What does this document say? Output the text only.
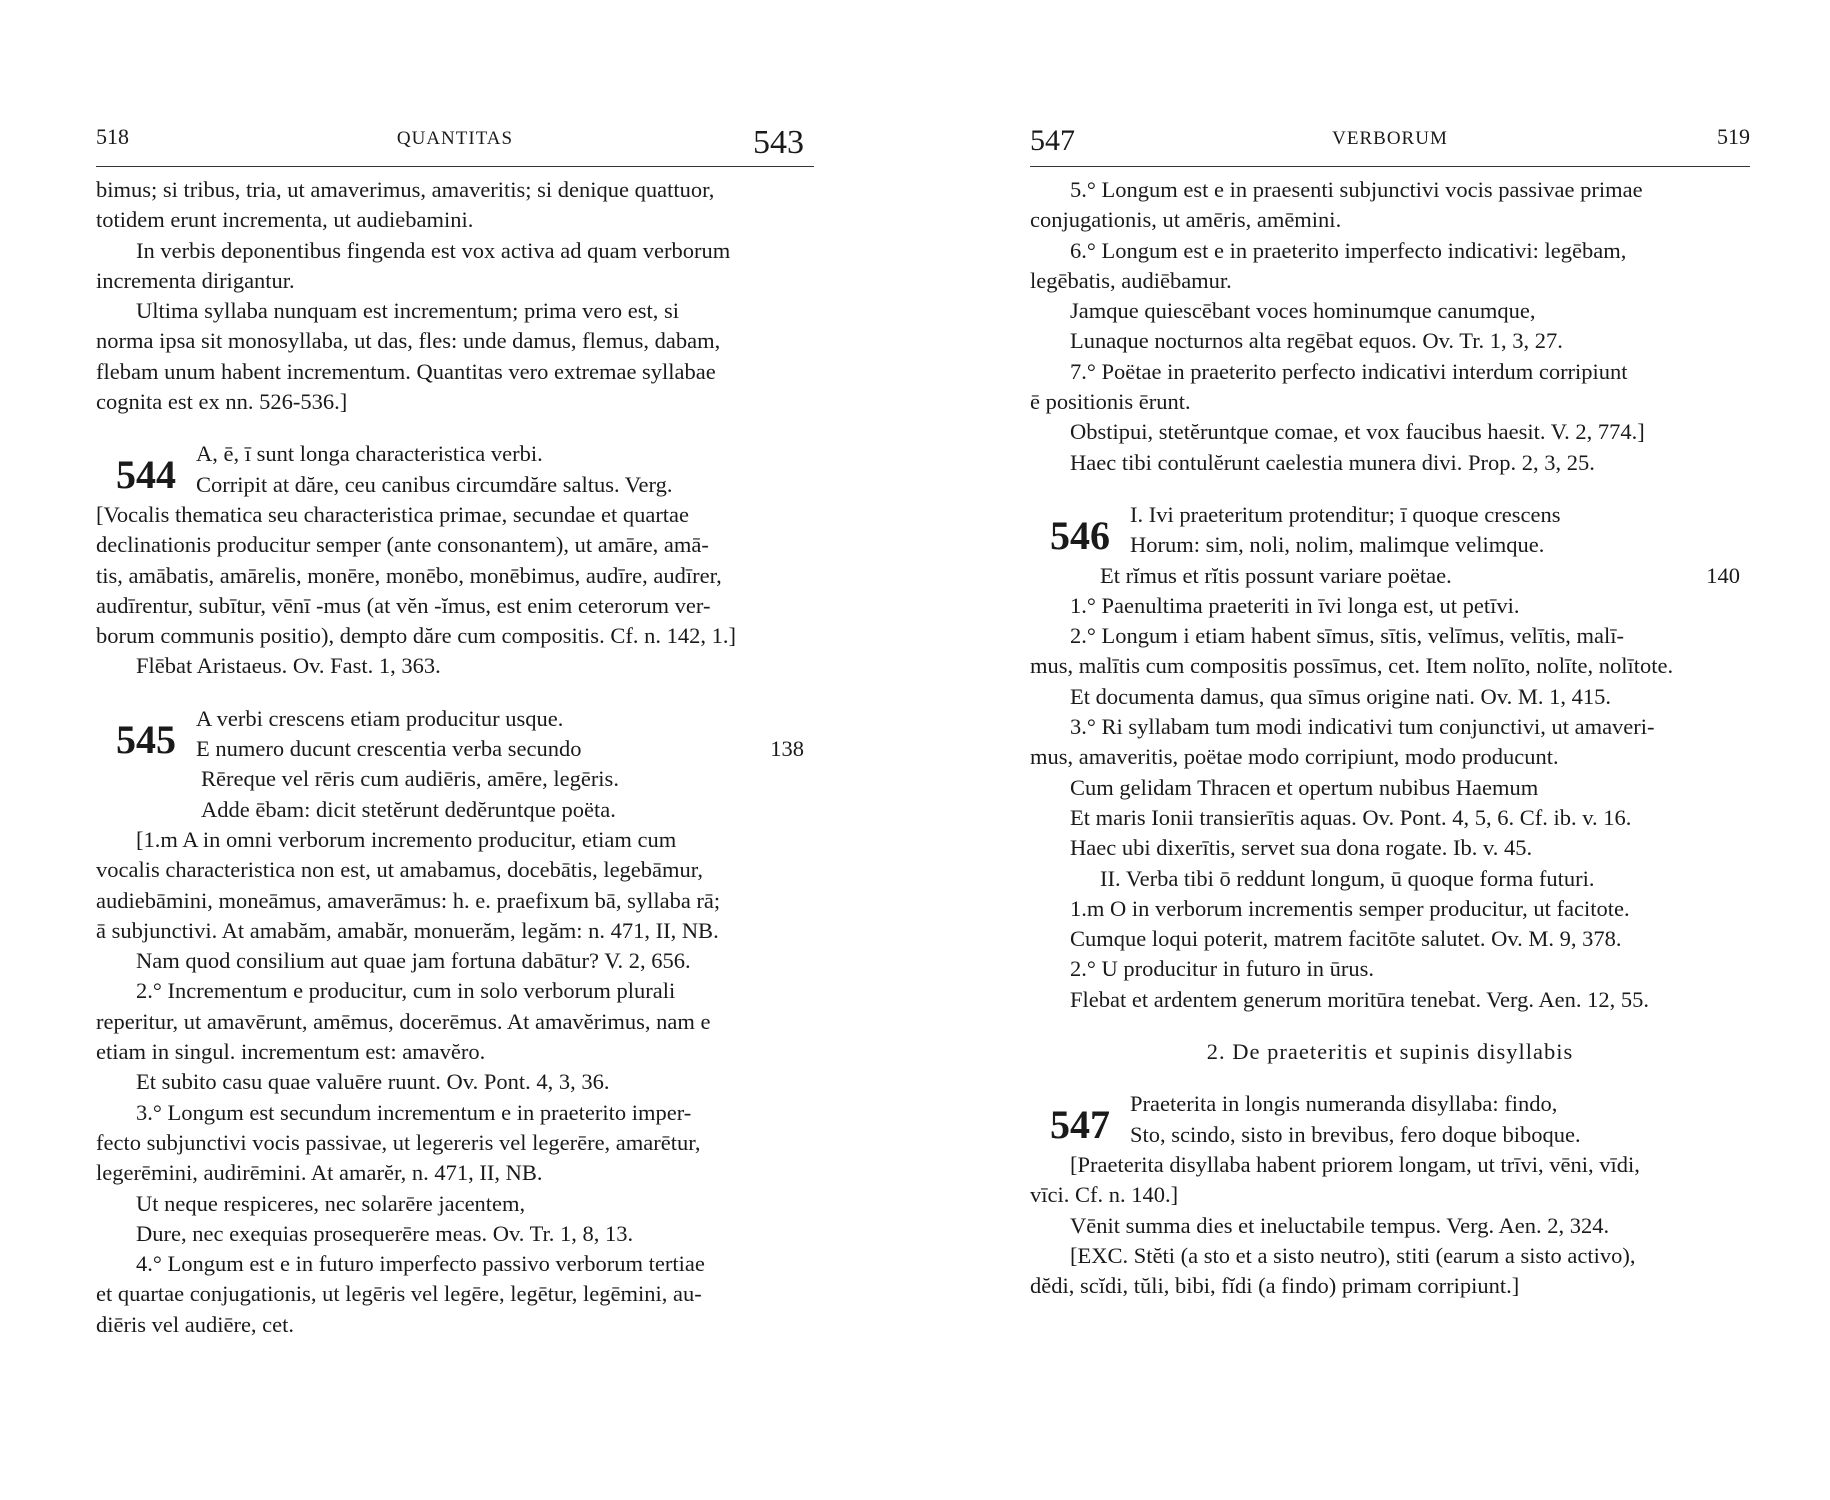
518	QUANTITAS	543
bimus; si tribus, tria, ut amaverimus, amaveritis; si denique quattuor,
totidem erunt incrementa, ut audiebamini.
In verbis deponentibus fingenda est vox activa ad quam verborum
incrementa dirigantur.
Ultima syllaba nunquam est incrementum; prima vero est, si
norma ipsa sit monosyllaba, ut das, fles: unde damus, flemus, dabam,
flebam unum habent incrementum. Quantitas vero extremae syllabae
cognita est ex nn. 526-536.]
544 A, ē, ī sunt longa characteristica verbi.
Corripit at dăre, ceu canibus circumdăre saltus. Verg.
[Vocalis thematica seu characteristica primae, secundae et quartae
declinationis producitur semper (ante consonantem), ut amāre, amā-
tis, amābatis, amārelis, monēre, monēbo, monēbimus, audīre, audīrer,
audīrentur, subītur, vēnī -mus (at vĕn -ĭmus, est enim ceterorum ver-
borum communis positio), dempto dăre cum compositis. Cf. n. 142, 1.]
Flēbat Aristaeus. Ov. Fast. 1, 363.
545 A verbi crescens etiam producitur usque.
E numero ducunt crescentia verba secundo	138
Rēreque vel rēris cum audiēris, amēre, legēris.
Adde ēbam: dicit stetĕrunt dedĕruntque poëta.
[1.m A in omni verborum incremento producitur, etiam cum
vocalis characteristica non est, ut amabamus, docebātis, legebāmur,
audiebāmini, moneāmus, amaverāmus: h. e. praefixum bā, syllaba rā;
ā subjunctivi. At amabăm, amabăr, monuerăm, legăm: n. 471, II, NB.
Nam quod consilium aut quae jam fortuna dabātur? V. 2, 656.
2.° Incrementum e producitur, cum in solo verborum plurali
reperitur, ut amavērunt, amēmus, docerēmus. At amavĕrimus, nam e
etiam in singul. incrementum est: amavĕro.
Et subito casu quae valuēre ruunt. Ov. Pont. 4, 3, 36.
3.° Longum est secundum incrementum e in praeterito imper-
fecto subjunctivi vocis passivae, ut legereris vel legerēre, amarētur,
legerēmini, audirēmini. At amarĕr, n. 471, II, NB.
Ut neque respiceres, nec solarēre jacentem,
Dure, nec exequias prosequerēre meas. Ov. Tr. 1, 8, 13.
4.° Longum est e in futuro imperfecto passivo verborum tertiae
et quartae conjugationis, ut legēris vel legēre, legētur, legēmini, au-
diēris vel audiēre, cet.
547	VERBORUM	519
5.° Longum est e in praesenti subjunctivi vocis passivae primae
conjugationis, ut amēris, amēmini.
6.° Longum est e in praeterito imperfecto indicativi: legēbam,
legēbatis, audiēbamur.
Jamque quiescēbant voces hominumque canumque,
Lunaque nocturnos alta regēbat equos. Ov. Tr. 1, 3, 27.
7.° Poëtae in praeterito perfecto indicativi interdum corripiunt
ē positionis ērunt.
Obstipui, stetĕruntque comae, et vox faucibus haesit. V. 2, 774.]
Haec tibi contulĕrunt caelestia munera divi. Prop. 2, 3, 25.
546 I. Ivi praeteritum protenditur; ī quoque crescens
Horum: sim, noli, nolim, malimque velimque.
Et rĭmus et rĭtis possunt variare poëtae.	140
1.° Paenultima praeteriti in īvi longa est, ut petīvi.
2.° Longum i etiam habent sīmus, sītis, velīmus, velītis, malī-
mus, malītis cum compositis possīmus, cet. Item nolīto, nolīte, nolītote.
Et documenta damus, qua sīmus origine nati. Ov. M. 1, 415.
3.° Ri syllabam tum modi indicativi tum conjunctivi, ut amaveri-
mus, amaveritis, poëtae modo corripiunt, modo producunt.
Cum gelidam Thracen et opertum nubibus Haemum
Et maris Ionii transierītis aquas. Ov. Pont. 4, 5, 6. Cf. ib. v. 16.
Haec ubi dixerītis, servet sua dona rogate. Ib. v. 45.
II. Verba tibi ō reddunt longum, ū quoque forma futuri.
1.m O in verborum incrementis semper producitur, ut facitote.
Cumque loqui poterit, matrem facitōte salutet. Ov. M. 9, 378.
2.° U producitur in futuro in ūrus.
Flebat et ardentem generum moritūra tenebat. Verg. Aen. 12, 55.
2. De praeteritis et supinis disyllabis
547 Praeterita in longis numeranda disyllaba: findo,
Sto, scindo, sisto in brevibus, fero doque biboque.
[Praeterita disyllaba habent priorem longam, ut trīvi, vēni, vīdi,
vīci. Cf. n. 140.]
Vēnit summa dies et ineluctabile tempus. Verg. Aen. 2, 324.
[EXC. Stĕti (a sto et a sisto neutro), stiti (earum a sisto activo),
dĕdi, scĭdi, tŭli, bibi, fĭdi (a findo) primam corripiunt.]
